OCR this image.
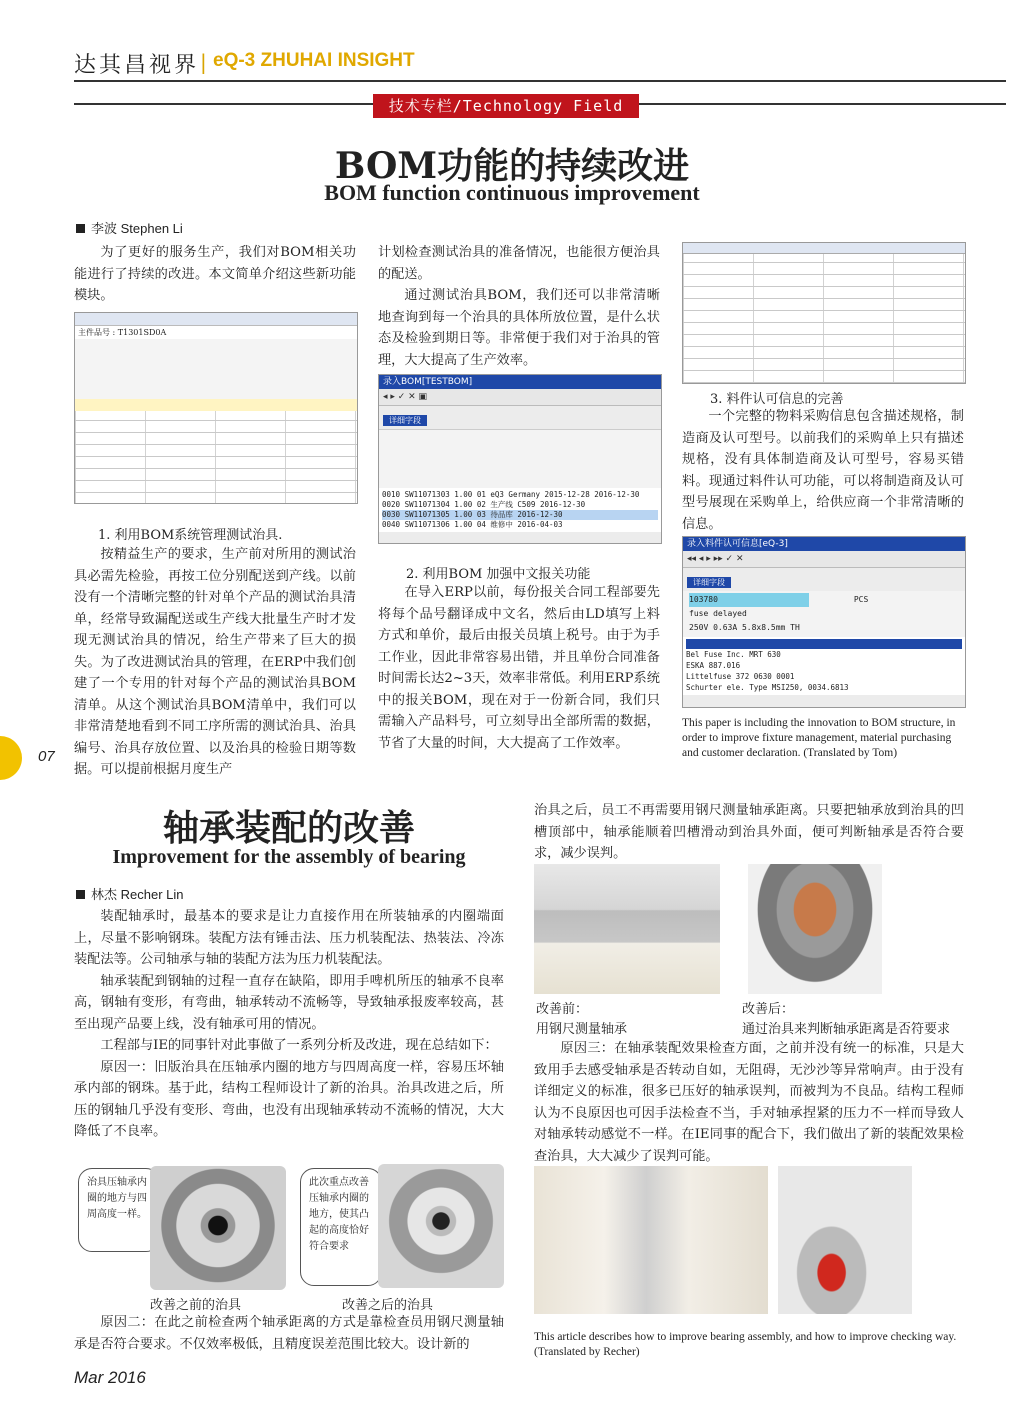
达其昌视界 | eQ-3 ZHUHAI INSIGHT
技术专栏/Technology Field
BOM功能的持续改进
BOM function continuous improvement
李波 Stephen Li

为了更好的服务生产，我们对BOM相关功能进行了持续的改进。本文简单介绍这些新功能模块。

主件品号 : T1301SD0A
1. 利用BOM系统管理测试治具.

按精益生产的要求，生产前对所用的测试治具必需先检验，再按工位分别配送到产线。以前没有一个清晰完整的针对单个产品的测试治具清单，经常导致漏配送或生产线大批量生产时才发现无测试治具的情况，给生产带来了巨大的损失。为了改进测试治具的管理，在ERP中我们创建了一个专用的针对每个产品的测试治具BOM清单。从这个测试治具BOM清单中，我们可以非常清楚地看到不同工序所需的测试治具、治具编号、治具存放位置、以及治具的检验日期等数据。可以提前根据月度生产

计划检查测试治具的准备情况，也能很方便治具的配送。

通过测试治具BOM，我们还可以非常清晰地查询到每一个治具的具体所放位置，是什么状态及检验到期日等。非常便于我们对于治具的管理，大大提高了生产效率。

录入BOM[TESTBOM]
◂ ▸ ✓ ✕ ▣
详细字段
0010 SW11071303 1.00 01 eQ3 Germany 2015-12-28 2016-12-30
0020 SW11071304 1.00 02 生产线 C509 2016-12-30
0030 SW11071305 1.00 03 待品库 2016-12-30
0040 SW11071306 1.00 04 维修中 2016-04-03
2. 利用BOM 加强中文报关功能

在导入ERP以前，每份报关合同工程部要先将每个品号翻译成中文名，然后由LD填写上料方式和单价，最后由报关员填上税号。由于为手工作业，因此非常容易出错，并且单份合同准备时间需长达2~3天，效率非常低。利用ERP系统中的报关BOM，现在对于一份新合同，我们只需输入产品料号，可立刻导出全部所需的数据，节省了大量的时间，大大提高了工作效率。

3. 料件认可信息的完善

一个完整的物料采购信息包含描述规格，制造商及认可型号。以前我们的采购单上只有描述规格，没有具体制造商及认可型号，容易买错料。现通过料件认可功能，可以将制造商及认可型号展现在采购单上，给供应商一个非常清晰的信息。

录入料件认可信息[eQ-3]
◂◂ ◂ ▸ ▸▸ ✓ ✕
详细字段
103780	PCS
fuse delayed
250V 0.63A 5.8x8.5mm TH
Bel Fuse Inc. MRT 630
ESKA 887.016
Littelfuse 372 0630 0001
Schurter ele. Type MSI250, 0034.6813
This paper is including the innovation to BOM structure, in order to improve fixture management, material purchasing and customer declaration. (Translated by Tom)
07
轴承装配的改善
Improvement for the assembly of bearing
林杰 Recher Lin

装配轴承时，最基本的要求是让力直接作用在所装轴承的内圈端面上，尽量不影响钢珠。装配方法有锤击法、压力机装配法、热装法、冷冻装配法等。公司轴承与轴的装配方法为压力机装配法。

轴承装配到钢轴的过程一直存在缺陷，即用手啤机所压的轴承不良率高，钢轴有变形，有弯曲，轴承转动不流畅等，导致轴承报废率较高，甚至出现产品要上线，没有轴承可用的情况。

工程部与IE的同事针对此事做了一系列分析及改进，现在总结如下：

原因一：旧版治具在压轴承内圈的地方与四周高度一样，容易压坏轴承内部的钢珠。基于此，结构工程师设计了新的治具。治具改进之后，所压的钢轴几乎没有变形、弯曲，也没有出现轴承转动不流畅的情况，大大降低了不良率。

治具压轴承内圈的地方与四周高度一样。
此次重点改善压轴承内圈的地方，使其凸起的高度恰好符合要求
改善之前的治具	改善之后的治具

原因二：在此之前检查两个轴承距离的方式是靠检查员用钢尺测量轴承是否符合要求。不仅效率极低，且精度误差范围比较大。设计新的

治具之后，员工不再需要用钢尺测量轴承距离。只要把轴承放到治具的凹槽顶部中，轴承能顺着凹槽滑动到治具外面，便可判断轴承是否符合要求，减少误判。

改善前：
用钢尺测量轴承
改善后：
通过治具来判断轴承距离是否符要求

原因三：在轴承装配效果检查方面，之前并没有统一的标准，只是大致用手去感受轴承是否转动自如，无阻碍，无沙沙等异常响声。由于没有详细定义的标准，很多已压好的轴承误判，而被判为不良品。结构工程师认为不良原因也可因手法检查不当，手对轴承捏紧的压力不一样而导致人对轴承转动感觉不一样。在IE同事的配合下，我们做出了新的装配效果检查治具，大大减少了误判可能。

This article describes how to improve bearing assembly, and how to improve checking way. (Translated by Recher)
Mar 2016
